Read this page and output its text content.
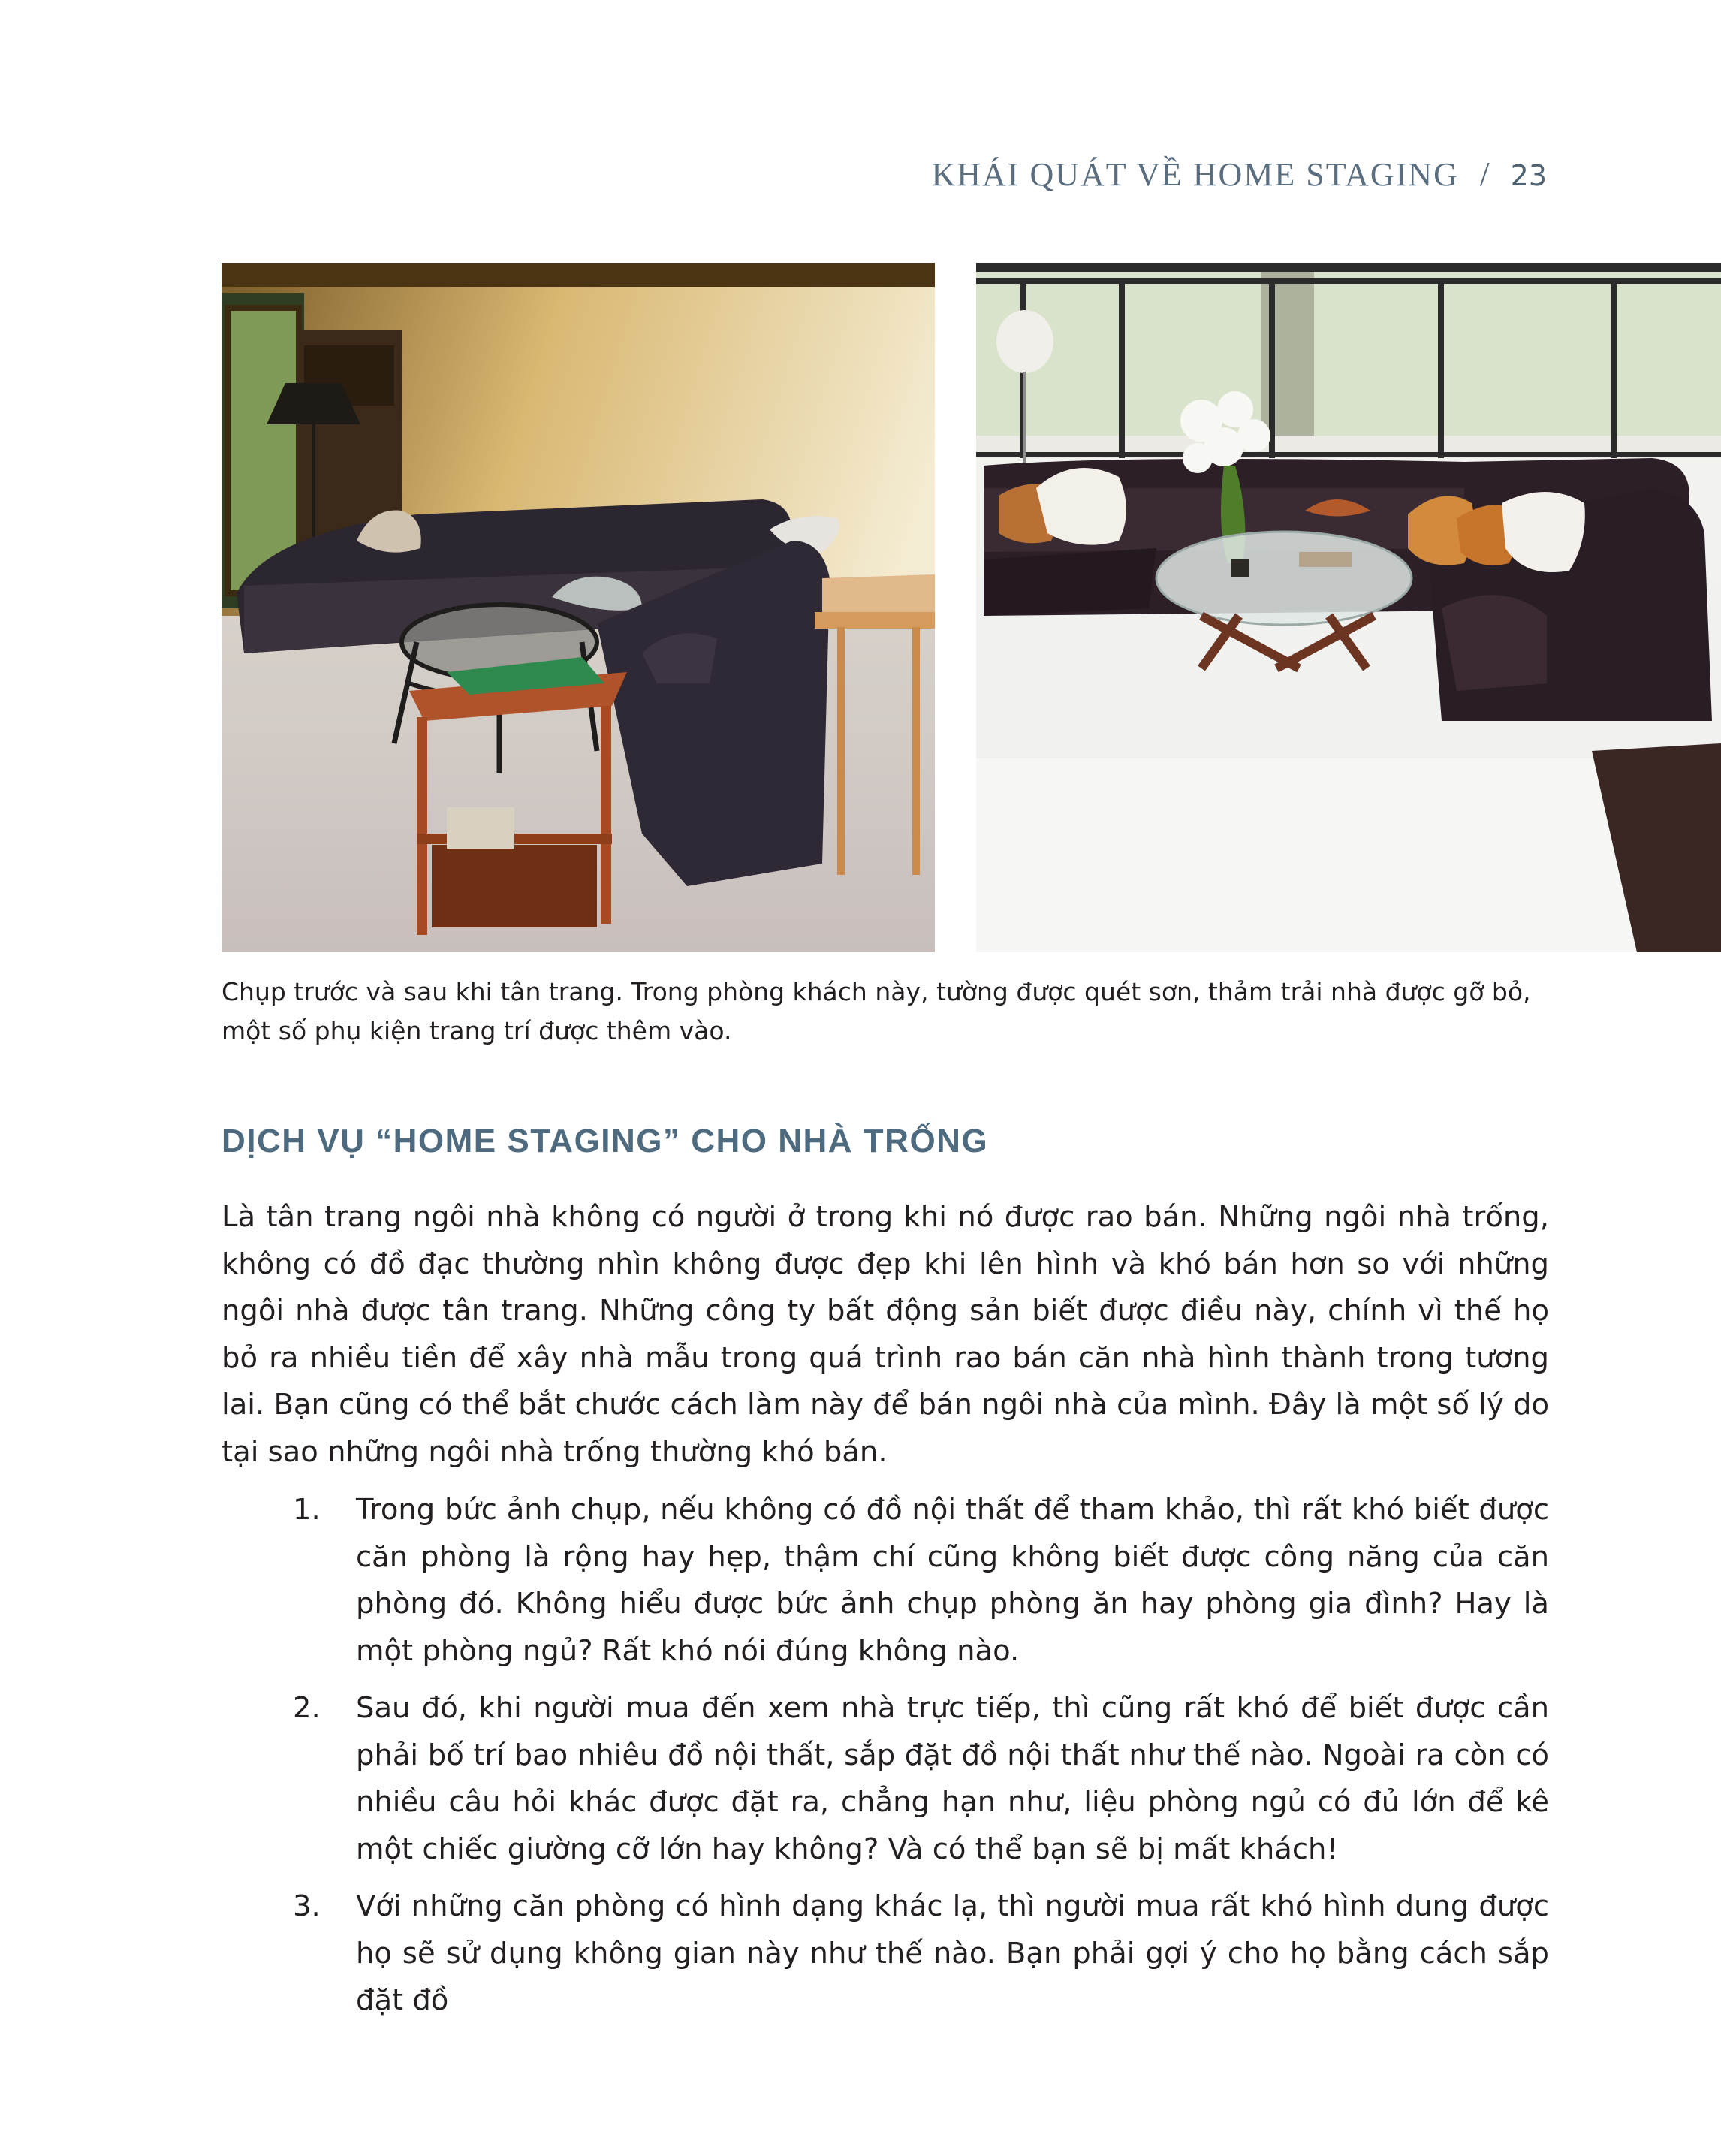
KHÁI QUÁT VỀ HOME STAGING / 23
Chụp trước và sau khi tân trang. Trong phòng khách này, tường được quét sơn, thảm trải nhà được gỡ bỏ, một số phụ kiện trang trí được thêm vào.
DỊCH VỤ “HOME STAGING” CHO NHÀ TRỐNG

Là tân trang ngôi nhà không có người ở trong khi nó được rao bán. Những ngôi nhà trống, không có đồ đạc thường nhìn không được đẹp khi lên hình và khó bán hơn so với những ngôi nhà được tân trang. Những công ty bất động sản biết được điều này, chính vì thế họ bỏ ra nhiều tiền để xây nhà mẫu trong quá trình rao bán căn nhà hình thành trong tương lai. Bạn cũng có thể bắt chước cách làm này để bán ngôi nhà của mình. Đây là một số lý do tại sao những ngôi nhà trống thường khó bán.

1. Trong bức ảnh chụp, nếu không có đồ nội thất để tham khảo, thì rất khó biết được căn phòng là rộng hay hẹp, thậm chí cũng không biết được công năng của căn phòng đó. Không hiểu được bức ảnh chụp phòng ăn hay phòng gia đình? Hay là một phòng ngủ? Rất khó nói đúng không nào.
2. Sau đó, khi người mua đến xem nhà trực tiếp, thì cũng rất khó để biết được cần phải bố trí bao nhiêu đồ nội thất, sắp đặt đồ nội thất như thế nào. Ngoài ra còn có nhiều câu hỏi khác được đặt ra, chẳng hạn như, liệu phòng ngủ có đủ lớn để kê một chiếc giường cỡ lớn hay không? Và có thể bạn sẽ bị mất khách!
3. Với những căn phòng có hình dạng khác lạ, thì người mua rất khó hình dung được họ sẽ sử dụng không gian này như thế nào. Bạn phải gợi ý cho họ bằng cách sắp đặt đồ
